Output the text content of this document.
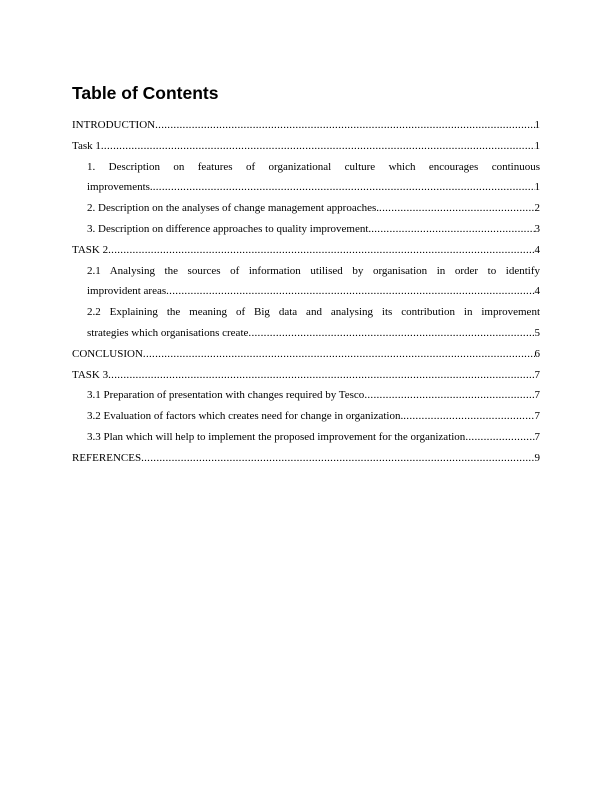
Table of Contents
INTRODUCTION .....	1
Task 1 .....	1
1. Description on features of organizational culture which encourages continuous
improvements. .....	1
2. Description on the analyses of change management approaches. .....	2
3. Description on difference approaches to quality improvement. .....	3
TASK 2 .....	4
2.1 Analysing the sources of information utilised by organisation in order to identify
improvident areas .....	4
2.2 Explaining the meaning of Big data and analysing its contribution in improvement
strategies which organisations create .....	5
CONCLUSION .....	6
TASK 3 .....	7
3.1 Preparation of presentation with changes required by Tesco .....	7
3.2 Evaluation of factors which creates need for change in organization. .....	7
3.3 Plan which will help to implement the proposed improvement for the organization .....	7
REFERENCES .....	9
